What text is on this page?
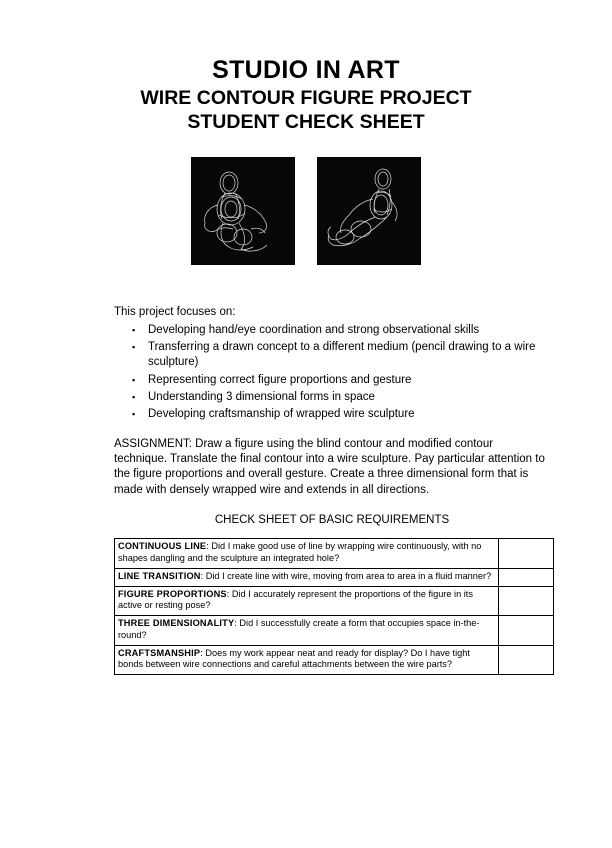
STUDIO IN ART
WIRE CONTOUR FIGURE PROJECT
STUDENT CHECK SHEET
This project focuses on:
▪ Developing hand/eye coordination and strong observational skills
▪ Transferring a drawn concept to a different medium (pencil drawing to a wire sculpture)
▪ Representing correct figure proportions and gesture
▪ Understanding 3 dimensional forms in space
▪ Developing craftsmanship of wrapped wire sculpture
ASSIGNMENT: Draw a figure using the blind contour and modified contour technique. Translate the final contour into a wire sculpture. Pay particular attention to the figure proportions and overall gesture. Create a three dimensional form that is made with densely wrapped wire and extends in all directions.
CHECK SHEET OF BASIC REQUIREMENTS
CONTINUOUS LINE: Did I make good use of line by wrapping wire continuously, with no shapes dangling and the sculpture an integrated hole?	
LINE TRANSITION: Did I create line with wire, moving from area to area in a fluid manner?	
FIGURE PROPORTIONS: Did I accurately represent the proportions of the figure in its active or resting pose?	
THREE DIMENSIONALITY: Did I successfully create a form that occupies space in-the-round?	
CRAFTSMANSHIP: Does my work appear neat and ready for display? Do I have tight bonds between wire connections and careful attachments between the wire parts?	
